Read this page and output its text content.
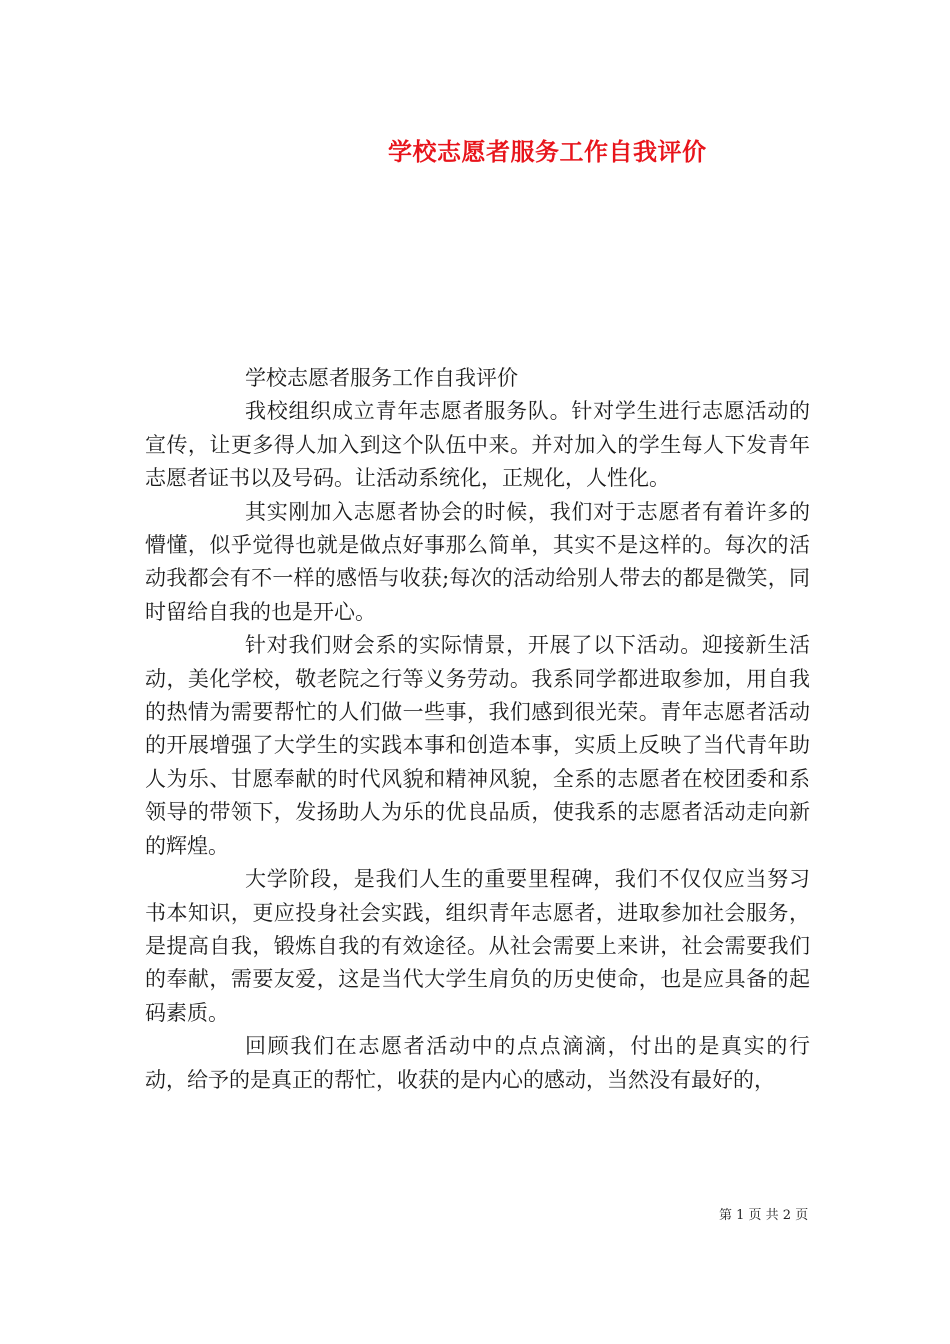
学校志愿者服务工作自我评价

学校志愿者服务工作自我评价

我校组织成立青年志愿者服务队。针对学生进行志愿活动的宣传，让更多得人加入到这个队伍中来。并对加入的学生每人下发青年志愿者证书以及号码。让活动系统化，正规化，人性化。

其实刚加入志愿者协会的时候，我们对于志愿者有着许多的懵懂，似乎觉得也就是做点好事那么简单，其实不是这样的。每次的活动我都会有不一样的感悟与收获;每次的活动给别人带去的都是微笑，同时留给自我的也是开心。

针对我们财会系的实际情景，开展了以下活动。迎接新生活动，美化学校，敬老院之行等义务劳动。我系同学都进取参加，用自我的热情为需要帮忙的人们做一些事，我们感到很光荣。青年志愿者活动的开展增强了大学生的实践本事和创造本事，实质上反映了当代青年助人为乐、甘愿奉献的时代风貌和精神风貌，全系的志愿者在校团委和系领导的带领下，发扬助人为乐的优良品质，使我系的志愿者活动走向新的辉煌。

大学阶段，是我们人生的重要里程碑，我们不仅仅应当努习书本知识，更应投身社会实践，组织青年志愿者，进取参加社会服务，是提高自我，锻炼自我的有效途径。从社会需要上来讲，社会需要我们的奉献，需要友爱，这是当代大学生肩负的历史使命，也是应具备的起码素质。

回顾我们在志愿者活动中的点点滴滴，付出的是真实的行动，给予的是真正的帮忙，收获的是内心的感动，当然没有最好的，

第 1 页 共 2 页
